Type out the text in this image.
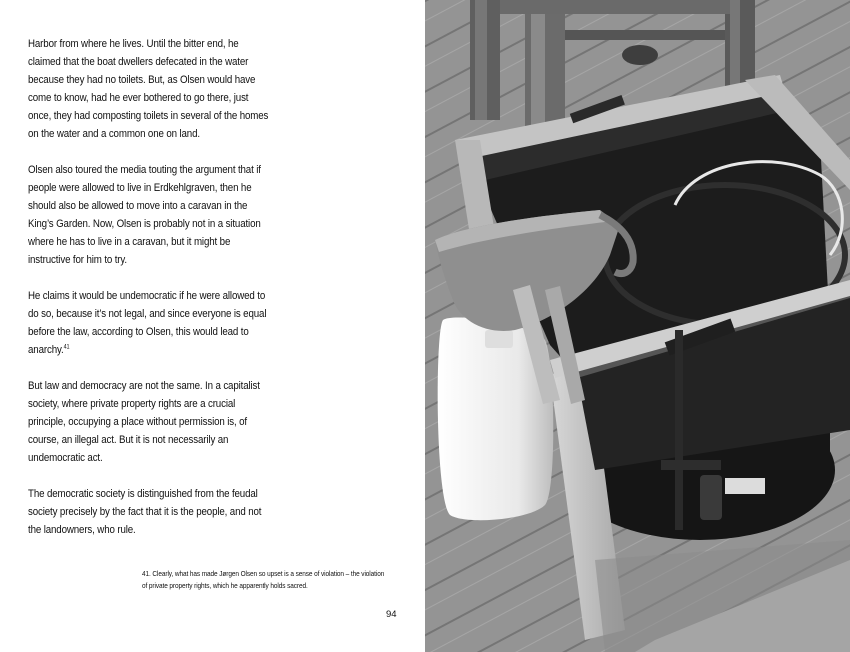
Harbor from where he lives. Until the bitter end, he claimed that the boat dwellers defecated in the water because they had no toilets. But, as Olsen would have come to know, had he ever bothered to go there, just once, they had composting toilets in several of the homes on the water and a common one on land.

Olsen also toured the media touting the argument that if people were allowed to live in Erdkehlgraven, then he should also be allowed to move into a caravan in the King’s Garden. Now, Olsen is probably not in a situation where he has to live in a caravan, but it might be instructive for him to try.

He claims it would be undemocratic if he were allowed to do so, because it’s not legal, and since everyone is equal before the law, according to Olsen, this would lead to anarchy.$^{41}$

But law and democracy are not the same. In a capitalist society, where private property rights are a crucial principle, occupying a place without permission is, of course, an illegal act. But it is not necessarily an undemocratic act.

The democratic society is distinguished from the feudal society precisely by the fact that it is the people, and not the landowners, who rule.

41. Clearly, what has made Jørgen Olsen so upset is a sense of violation – the violation of private property rights, which he apparently holds sacred.
94
